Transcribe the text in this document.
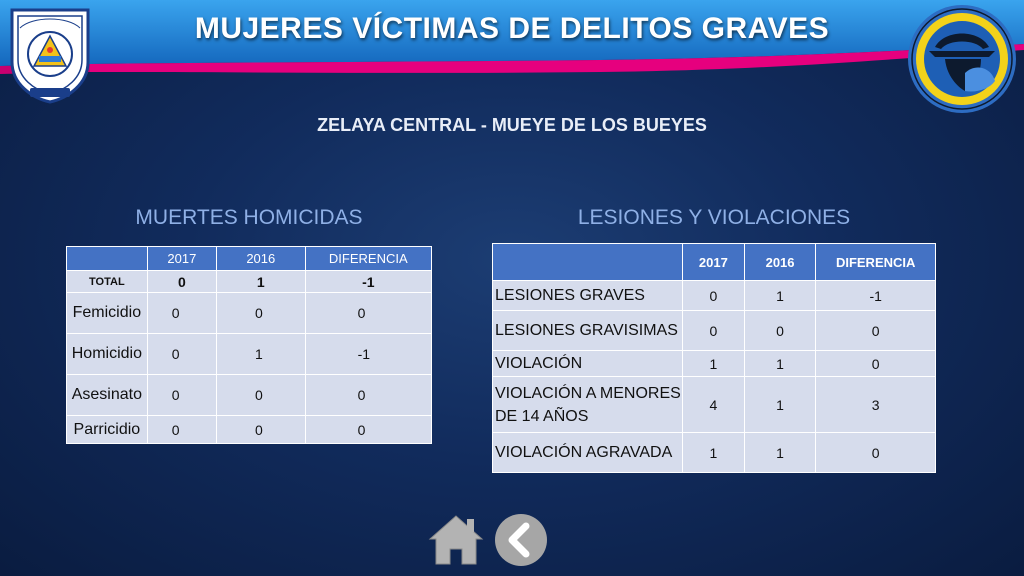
MUJERES VÍCTIMAS DE DELITOS GRAVES
ZELAYA CENTRAL - MUEYE DE LOS BUEYES
MUERTES HOMICIDAS	LESIONES Y VIOLACIONES
	2017	2016	DIFERENCIA
TOTAL	0	1	-1
Femicidio	0	0	0
Homicidio	0	1	-1
Asesinato	0	0	0
Parricidio	0	0	0
	2017	2016	DIFERENCIA
LESIONES GRAVES	0	1	-1
LESIONES GRAVISIMAS	0	0	0
VIOLACIÓN	1	1	0
VIOLACIÓN A MENORES DE 14 AÑOS	4	1	3
VIOLACIÓN AGRAVADA	1	1	0
